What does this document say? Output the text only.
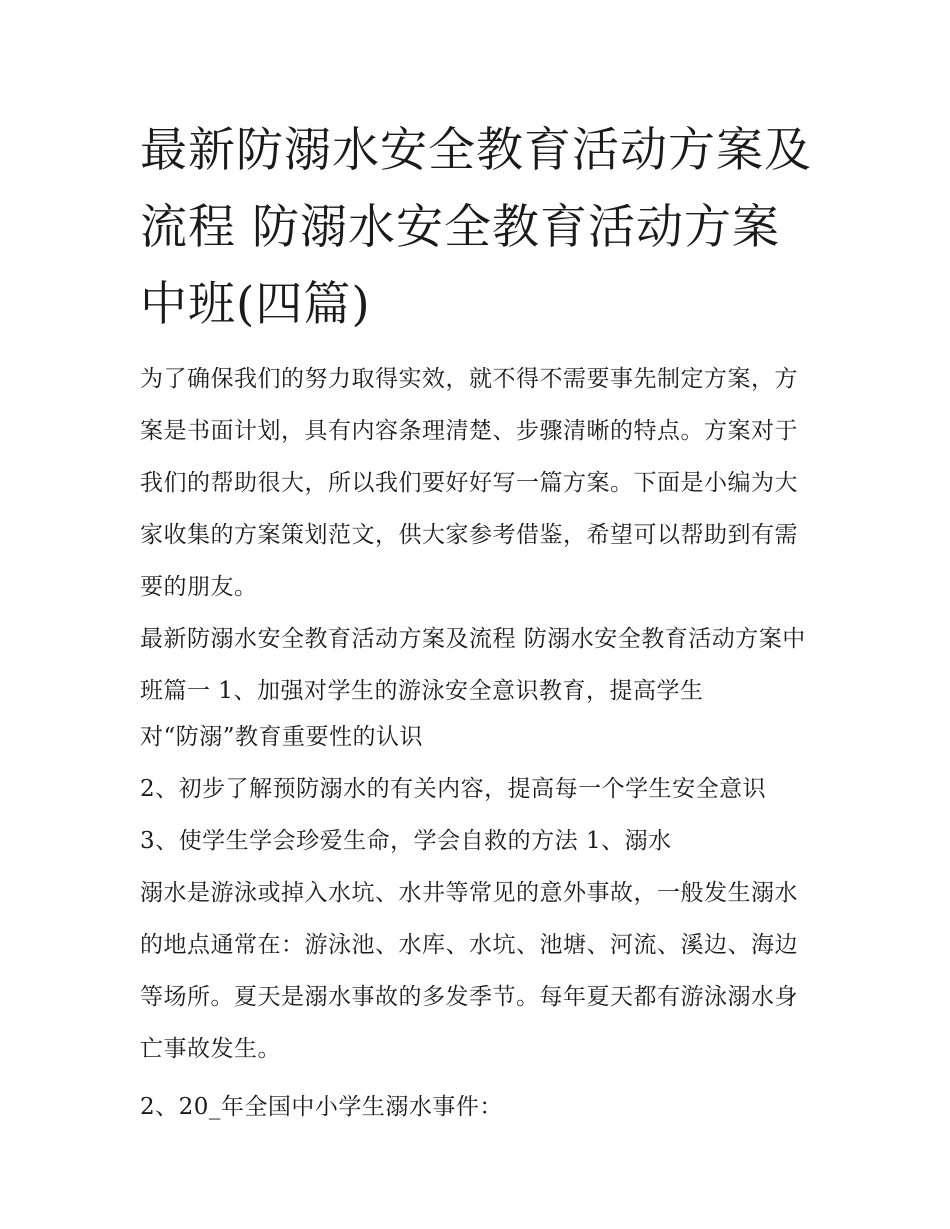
最新防溺水安全教育活动方案及流程 防溺水安全教育活动方案中班(四篇)

为了确保我们的努力取得实效，就不得不需要事先制定方案，方案是书面计划，具有内容条理清楚、步骤清晰的特点。方案对于我们的帮助很大，所以我们要好好写一篇方案。下面是小编为大家收集的方案策划范文，供大家参考借鉴，希望可以帮助到有需要的朋友。

最新防溺水安全教育活动方案及流程 防溺水安全教育活动方案中班篇一 1、加强对学生的游泳安全意识教育，提高学生

对“防溺”教育重要性的认识

2、初步了解预防溺水的有关内容，提高每一个学生安全意识

3、使学生学会珍爱生命，学会自救的方法 1、溺水

溺水是游泳或掉入水坑、水井等常见的意外事故，一般发生溺水的地点通常在：游泳池、水库、水坑、池塘、河流、溪边、海边等场所。夏天是溺水事故的多发季节。每年夏天都有游泳溺水身亡事故发生。

2、20_年全国中小学生溺水事件：
